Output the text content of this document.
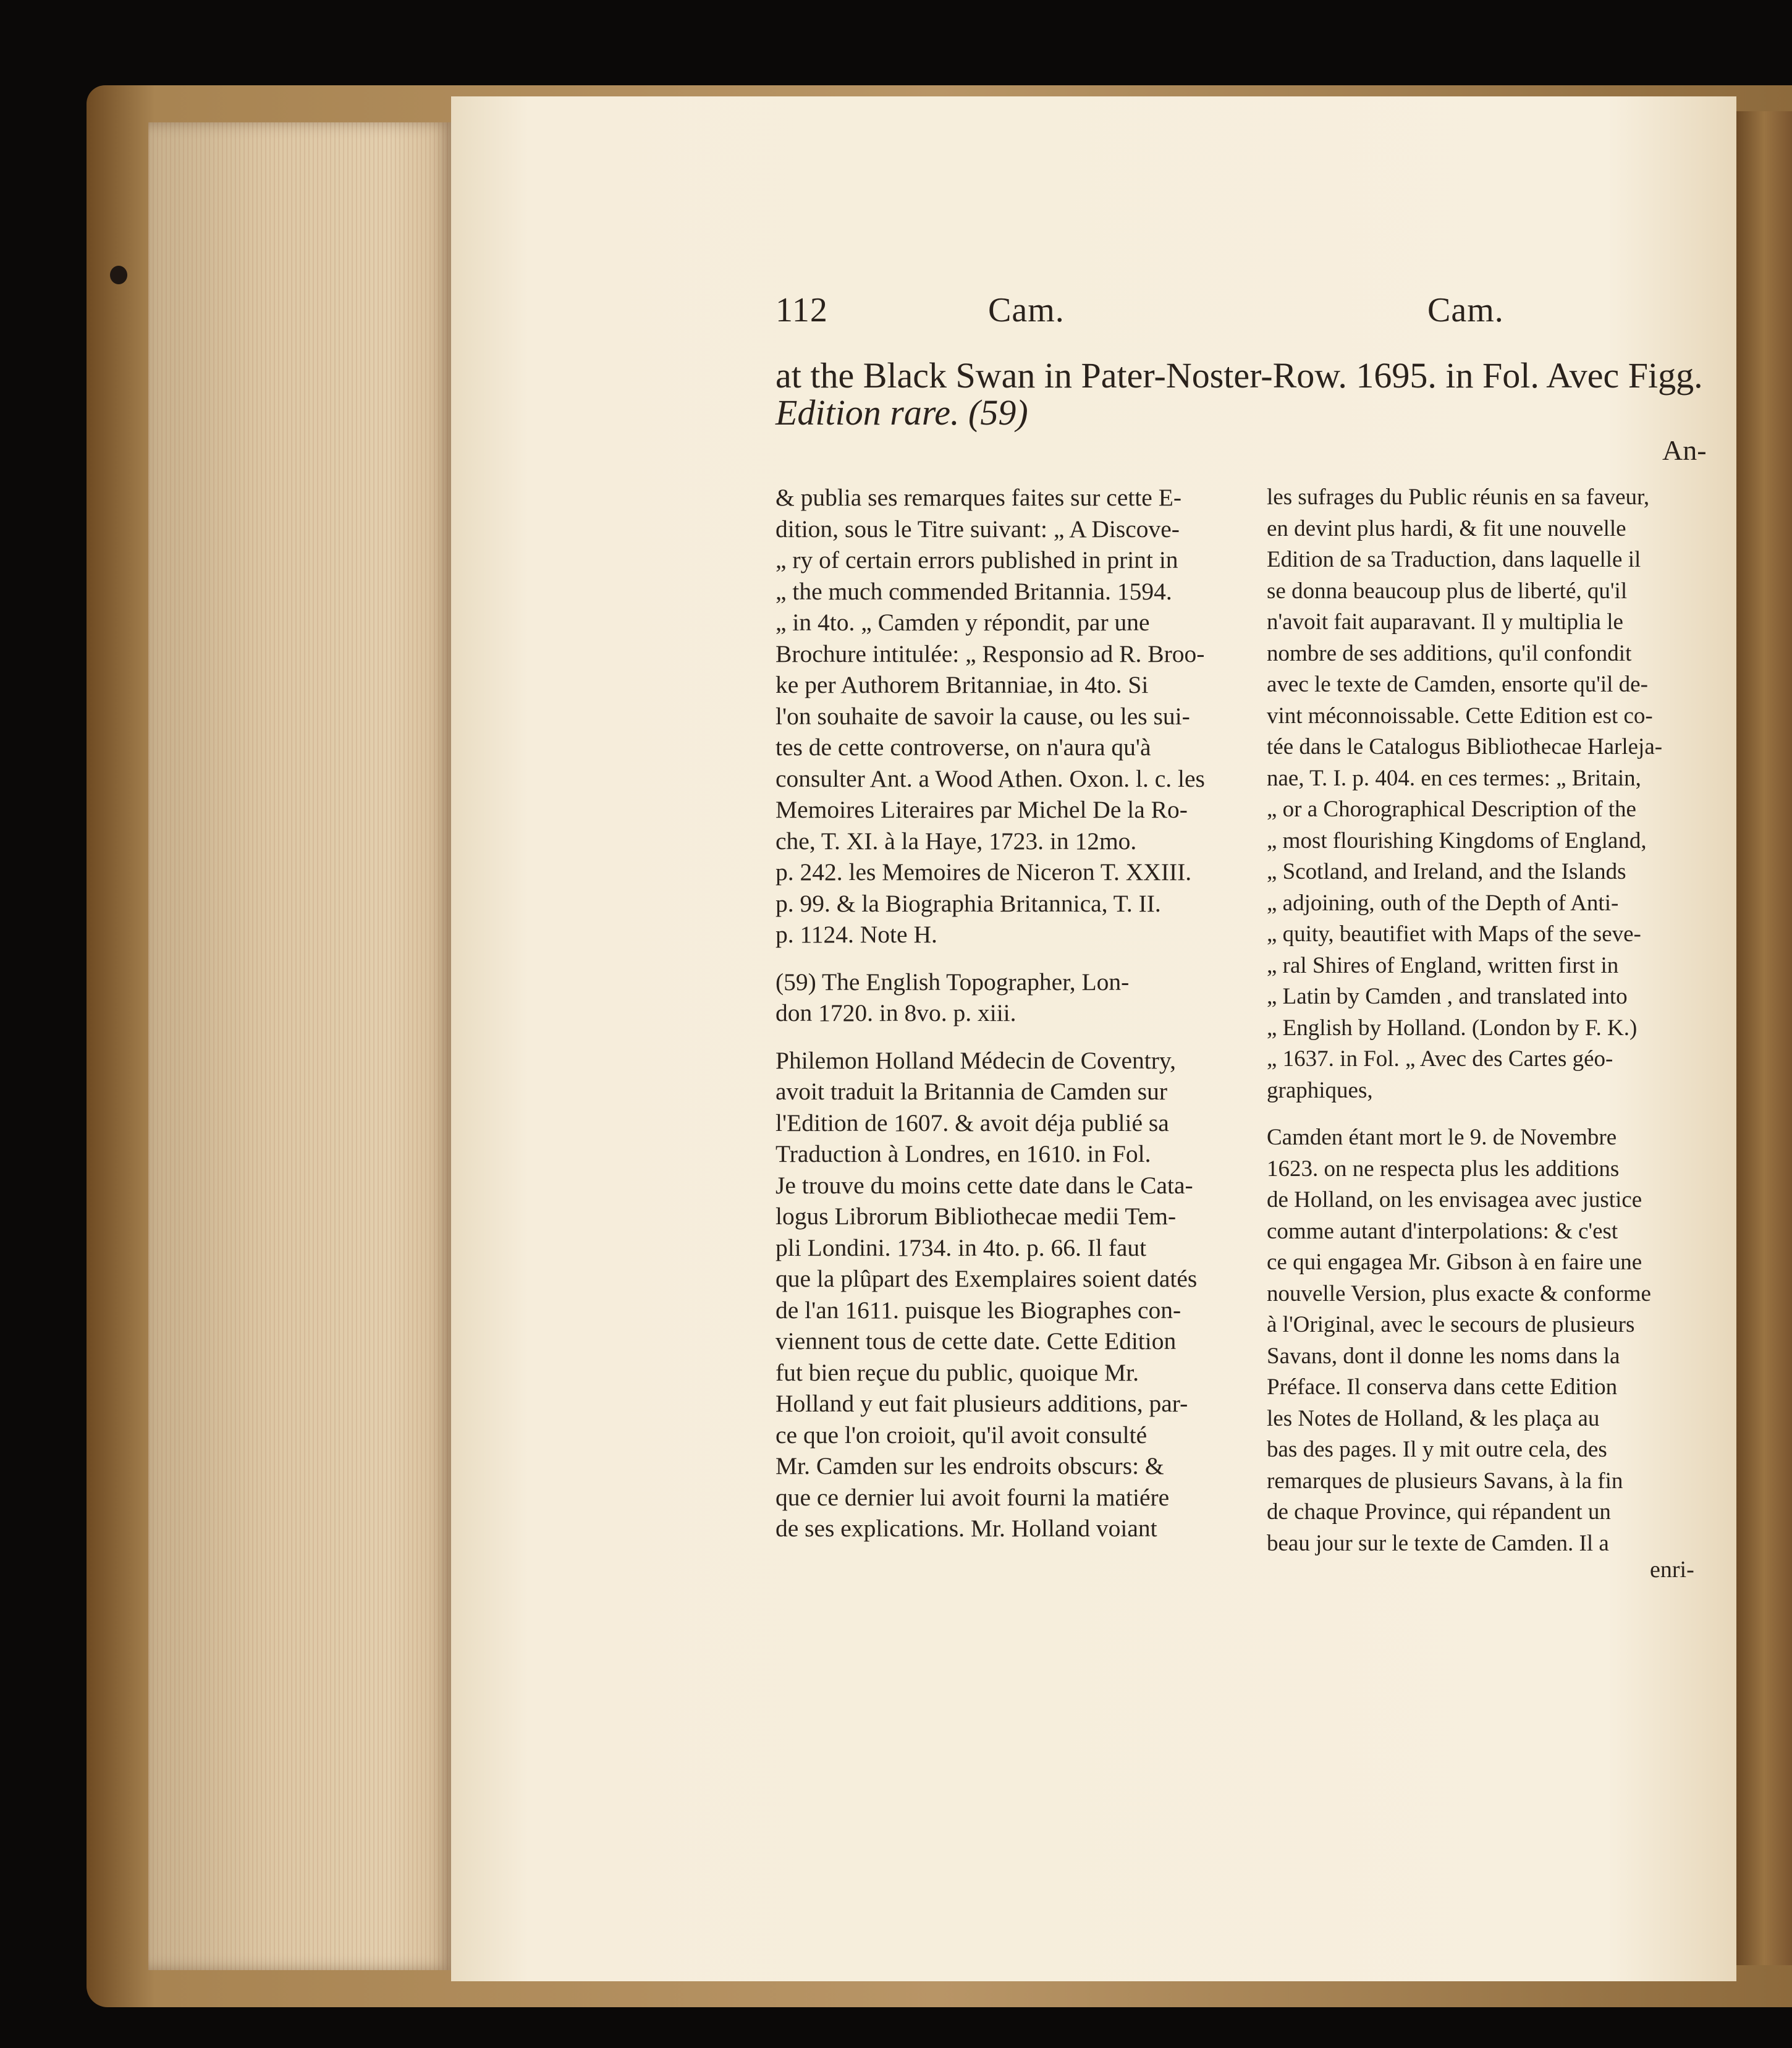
112	Cam.	Cam.
at the Black Swan in Pater-Noster-Row. 1695. in Fol. Avec Figg.
Edition rare. (59)
An-
& publia ses remarques faites sur cette E-
dition, sous le Titre suivant: „ A Discove-
„ ry of certain errors published in print in
„ the much commended Britannia. 1594.
„ in 4to. „ Camden y répondit, par une
Brochure intitulée: „ Responsio ad R. Broo-
ke per Authorem Britanniae, in 4to. Si
l'on souhaite de savoir la cause, ou les sui-
tes de cette controverse, on n'aura qu'à
consulter Ant. a Wood Athen. Oxon. l. c. les
Memoires Literaires par Michel De la Ro-
che, T. XI. à la Haye, 1723. in 12mo.
p. 242. les Memoires de Niceron T. XXIII.
p. 99. & la Biographia Britannica, T. II.
p. 1124. Note H.
(59) The English Topographer, Lon-
don 1720. in 8vo. p. xiii.
Philemon Holland Médecin de Coventry,
avoit traduit la Britannia de Camden sur
l'Edition de 1607. & avoit déja publié sa
Traduction à Londres, en 1610. in Fol.
Je trouve du moins cette date dans le Cata-
logus Librorum Bibliothecae medii Tem-
pli Londini. 1734. in 4to. p. 66. Il faut
que la plûpart des Exemplaires soient datés
de l'an 1611. puisque les Biographes con-
viennent tous de cette date. Cette Edition
fut bien reçue du public, quoique Mr.
Holland y eut fait plusieurs additions, par-
ce que l'on croioit, qu'il avoit consulté
Mr. Camden sur les endroits obscurs: &
que ce dernier lui avoit fourni la matiére
de ses explications. Mr. Holland voiant
les sufrages du Public réunis en sa faveur,
en devint plus hardi, & fit une nouvelle
Edition de sa Traduction, dans laquelle il
se donna beaucoup plus de liberté, qu'il
n'avoit fait auparavant. Il y multiplia le
nombre de ses additions, qu'il confondit
avec le texte de Camden, ensorte qu'il de-
vint méconnoissable. Cette Edition est co-
tée dans le Catalogus Bibliothecae Harleja-
nae, T. I. p. 404. en ces termes: „ Britain,
„ or a Chorographical Description of the
„ most flourishing Kingdoms of England,
„ Scotland, and Ireland, and the Islands
„ adjoining, outh of the Depth of Anti-
„ quity, beautifiet with Maps of the seve-
„ ral Shires of England, written first in
„ Latin by Camden , and translated into
„ English by Holland. (London by F. K.)
„ 1637. in Fol. „ Avec des Cartes géo-
graphiques,
Camden étant mort le 9. de Novembre
1623. on ne respecta plus les additions
de Holland, on les envisagea avec justice
comme autant d'interpolations: & c'est
ce qui engagea Mr. Gibson à en faire une
nouvelle Version, plus exacte & conforme
à l'Original, avec le secours de plusieurs
Savans, dont il donne les noms dans la
Préface. Il conserva dans cette Edition
les Notes de Holland, & les plaça au
bas des pages. Il y mit outre cela, des
remarques de plusieurs Savans, à la fin
de chaque Province, qui répandent un
beau jour sur le texte de Camden. Il a
enri-
